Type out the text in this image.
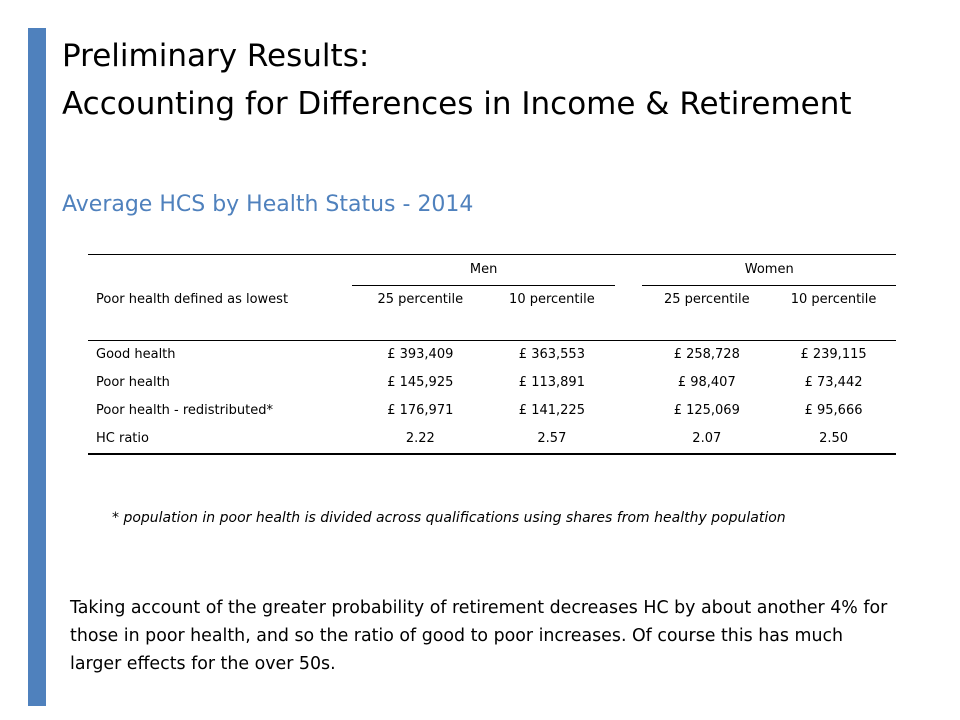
Preliminary Results:
Accounting for Differences in Income & Retirement
Average HCS by Health Status - 2014
	Men			Women	
Poor health defined as lowest	25 percentile	10 percentile		25 percentile	10 percentile

Good health	£ 393,409	£ 363,553		£ 258,728	£ 239,115
Poor health	£ 145,925	£ 113,891		£ 98,407	£ 73,442
Poor health - redistributed*	£ 176,971	£ 141,225		£ 125,069	£ 95,666
HC ratio	2.22	2.57		2.07	2.50
* population in poor health is divided across qualifications using shares from healthy population
Taking account of the greater probability of retirement decreases HC by about another 4% for those in poor health, and so the ratio of good to poor increases. Of course this has much larger effects for the over 50s.
